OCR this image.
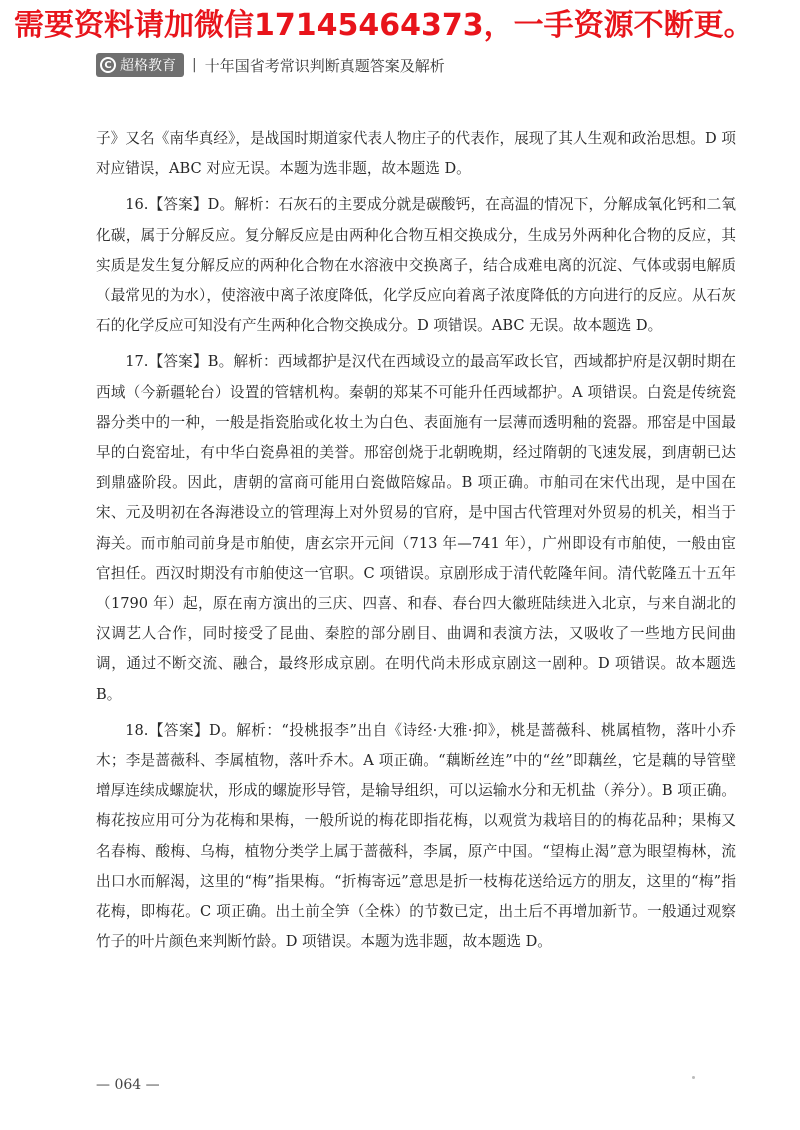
需要资料请加微信17145464373，一手资源不断更。
C 超格教育 | 十年国省考常识判断真题答案及解析

子》又名《南华真经》，是战国时期道家代表人物庄子的代表作，展现了其人生观和政治思想。D 项对应错误，ABC 对应无误。本题为选非题，故本题选 D。

16.【答案】D。解析：石灰石的主要成分就是碳酸钙，在高温的情况下，分解成氧化钙和二氧化碳，属于分解反应。复分解反应是由两种化合物互相交换成分，生成另外两种化合物的反应，其实质是发生复分解反应的两种化合物在水溶液中交换离子，结合成难电离的沉淀、气体或弱电解质（最常见的为水），使溶液中离子浓度降低，化学反应向着离子浓度降低的方向进行的反应。从石灰石的化学反应可知没有产生两种化合物交换成分。D 项错误。ABC 无误。故本题选 D。

17.【答案】B。解析：西域都护是汉代在西域设立的最高军政长官，西域都护府是汉朝时期在西域（今新疆轮台）设置的管辖机构。秦朝的郑某不可能升任西域都护。A 项错误。白瓷是传统瓷器分类中的一种，一般是指瓷胎或化妆土为白色、表面施有一层薄而透明釉的瓷器。邢窑是中国最早的白瓷窑址，有中华白瓷鼻祖的美誉。邢窑创烧于北朝晚期，经过隋朝的飞速发展，到唐朝已达到鼎盛阶段。因此，唐朝的富商可能用白瓷做陪嫁品。B 项正确。市舶司在宋代出现，是中国在宋、元及明初在各海港设立的管理海上对外贸易的官府，是中国古代管理对外贸易的机关，相当于海关。而市舶司前身是市舶使，唐玄宗开元间（713 年—741 年），广州即设有市舶使，一般由宦官担任。西汉时期没有市舶使这一官职。C 项错误。京剧形成于清代乾隆年间。清代乾隆五十五年（1790 年）起，原在南方演出的三庆、四喜、和春、春台四大徽班陆续进入北京，与来自湖北的汉调艺人合作，同时接受了昆曲、秦腔的部分剧目、曲调和表演方法，又吸收了一些地方民间曲调，通过不断交流、融合，最终形成京剧。在明代尚未形成京剧这一剧种。D 项错误。故本题选 B。

18.【答案】D。解析：“投桃报李”出自《诗经·大雅·抑》，桃是蔷薇科、桃属植物，落叶小乔木；李是蔷薇科、李属植物，落叶乔木。A 项正确。“藕断丝连”中的“丝”即藕丝，它是藕的导管壁增厚连续成螺旋状，形成的螺旋形导管，是输导组织，可以运输水分和无机盐（养分）。B 项正确。梅花按应用可分为花梅和果梅，一般所说的梅花即指花梅，以观赏为栽培目的的梅花品种；果梅又名春梅、酸梅、乌梅，植物分类学上属于蔷薇科，李属，原产中国。“望梅止渴”意为眼望梅林，流出口水而解渴，这里的“梅”指果梅。“折梅寄远”意思是折一枝梅花送给远方的朋友，这里的“梅”指花梅，即梅花。C 项正确。出土前全笋（全株）的节数已定，出土后不再增加新节。一般通过观察竹子的叶片颜色来判断竹龄。D 项错误。本题为选非题，故本题选 D。

— 064 —
